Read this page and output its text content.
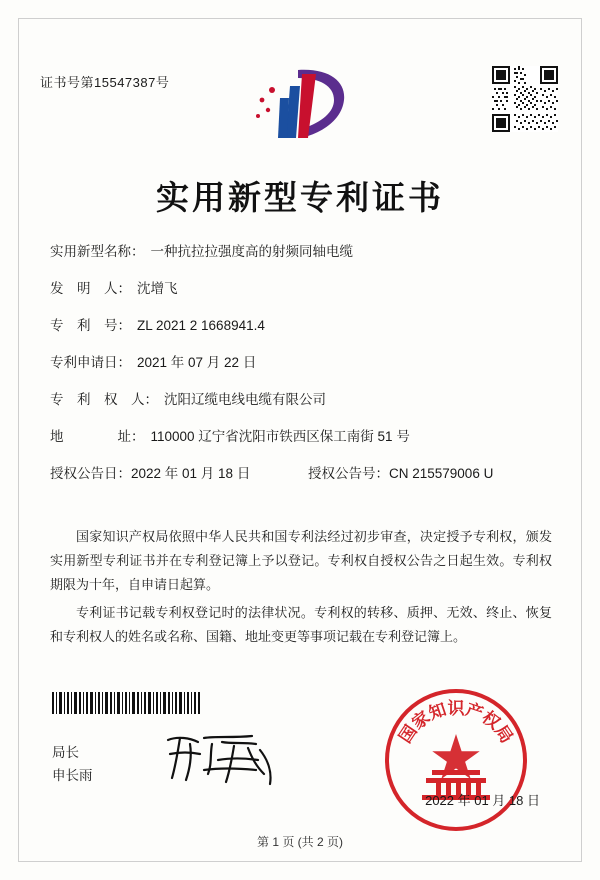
证书号第15547387号
实用新型专利证书
实用新型名称： 一种抗拉拉强度高的射频同轴电缆
发　明　人： 沈增飞
专　利　号： ZL 2021 2 1668941.4
专利申请日： 2021 年 07 月 22 日
专　利　权　人： 沈阳辽缆电线电缆有限公司
地　　　　址： 110000 辽宁省沈阳市铁西区保工南街 51 号
授权公告日：2022 年 01 月 18 日	授权公告号：CN 215579006 U

国家知识产权局依照中华人民共和国专利法经过初步审查，决定授予专利权，颁发实用新型专利证书并在专利登记簿上予以登记。专利权自授权公告之日起生效。专利权期限为十年，自申请日起算。

专利证书记载专利权登记时的法律状况。专利权的转移、质押、无效、终止、恢复和专利权人的姓名或名称、国籍、地址变更等事项记载在专利登记簿上。

局长
申长雨
国家知识产权局
2022 年 01 月 18 日
第 1 页 (共 2 页)
